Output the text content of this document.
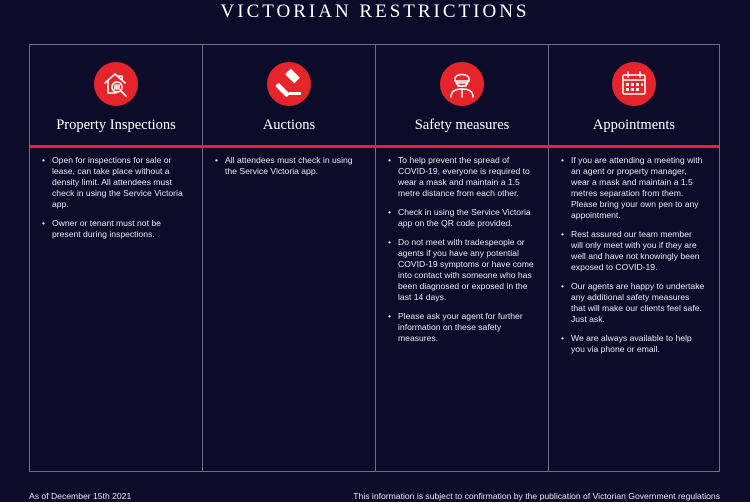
VICTORIAN RESTRICTIONS
Property Inspections
• Open for inspections for sale or lease, can take place without a density limit. All attendees must check in using the Service Victoria app.
• Owner or tenant must not be present during inspections.
Auctions
• All attendees must check in using the Service Victoria app.
Safety measures
• To help prevent the spread of COVID-19, everyone is required to wear a mask and maintain a 1.5 metre distance from each other.
• Check in using the Service Victoria app on the QR code provided.
• Do not meet with tradespeople or agents if you have any potential COVID-19 symptoms or have come into contact with someone who has been diagnosed or exposed in the last 14 days.
• Please ask your agent for further information on these safety measures.
Appointments
• If you are attending a meeting with an agent or property manager, wear a mask and maintain a 1.5 metres separation from them. Please bring your own pen to any appointment.
• Rest assured our team member will only meet with you if they are well and have not knowingly been exposed to COVID-19.
• Our agents are happy to undertake any additional safety measures that will make our clients feel safe. Just ask.
• We are always available to help you via phone or email.
As of December 15th 2021	This information is subject to confirmation by the publication of Victorian Government regulations
